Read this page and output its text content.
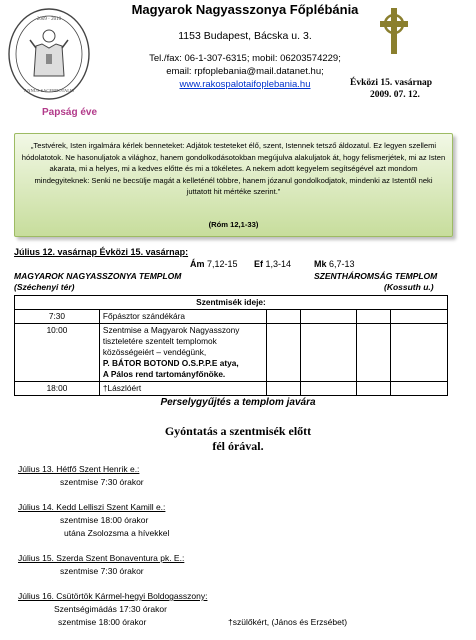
2009 · 2010
ANNUS SACERDOTALIS
Magyarok Nagyasszonya Főplébánia
1153 Budapest, Bácska u. 3.
Tel./fax: 06-1-307-6315; mobil: 06203574229;
email: rpfoplebania@mail.datanet.hu;
www.rakospalotaifoplebania.hu	Évközi 15. vasárnap
2009. 07. 12.
Papság éve
„Testvérek, Isten irgalmára kérlek benneteket: Adjátok testeteket élő, szent, Istennek tetsző áldozatul. Ez legyen szellemi hódolatotok. Ne hasonuljatok a világhoz, hanem gondolkodásotokban megújulva alakuljatok át, hogy felismerjétek, mi az Isten akarata, mi a helyes, mi a kedves előtte és mi a tökéletes. A nekem adott kegyelem segítségével azt mondom mindegyiteknek: Senki ne becsülje magát a kelleténél többre, hanem józanul gondolkodjatok, mindenki az Istentől neki juttatott hit mértéke szerint.”
(Róm 12,1-33)
Július 12. vasárnap Évközi 15. vasárnap:
Ám 7,12-15 Ef 1,3-14	Mk 6,7-13
MAGYAROK NAGYASSZONYA TEMPLOM
(Széchenyi tér)
SZENTHÁROMSÁG TEMPLOM
(Kossuth u.)
Szentmisék ideje:					
7:30	Főpásztor szándékára				

10:00	Szentmise a Magyarok Nagyasszony
tiszteletére szentelt templomok
közösségeiért – vendégünk,
P. BÁTOR BOTOND O.S.P.P.E atya,
A Pálos rend tartományfőnöke.				

18:00	†Lászlóért				

Perselygyűjtés a templom javára
Gyóntatás a szentmisék előtt
fél órával.
Július 13. Hétfő Szent Henrik e.:
szentmise 7:30 órakor
Július 14. Kedd Lelliszi Szent Kamill e.:
szentmise 18:00 órakor
utána Zsolozsma a hívekkel
Július 15. Szerda Szent Bonaventura pk. E.:
szentmise 7:30 órakor
Július 16. Csütörtök Kármel-hegyi Boldogasszony:
Szentségimádás 17:30 órakor
szentmise 18:00 órakor	†szülőkért, (János és Erzsébet)
